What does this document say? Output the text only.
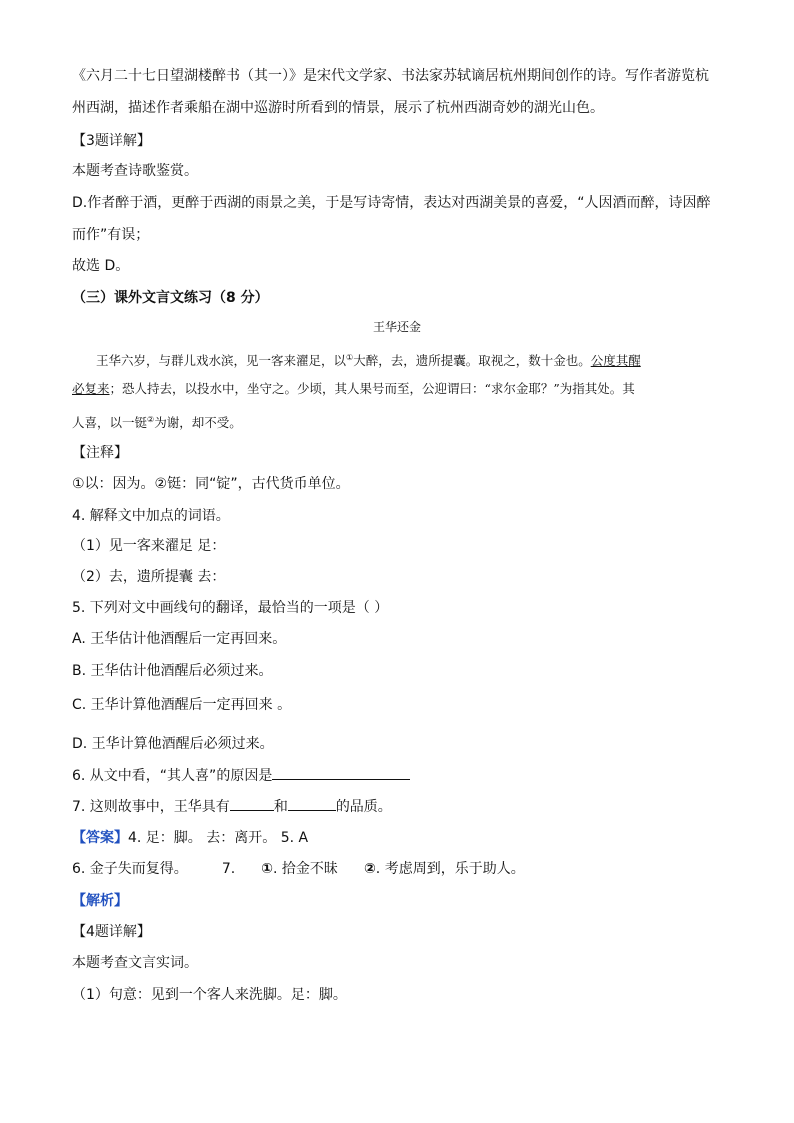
《六月二十七日望湖楼醉书（其一）》是宋代文学家、书法家苏轼谪居杭州期间创作的诗。写作者游览杭
州西湖，描述作者乘船在湖中巡游时所看到的情景，展示了杭州西湖奇妙的湖光山色。
【3题详解】
本题考查诗歌鉴赏。
D.作者醉于酒，更醉于西湖的雨景之美，于是写诗寄情，表达对西湖美景的喜爱，“人因酒而醉，诗因醉
而作”有误；
故选 D。
（三）课外文言文练习（8 分）
王华还金
王华六岁，与群儿戏水滨，见一客来濯足，以①大醉，去，遗所提囊。取视之，数十金也。公度其醒
必复来；恐人持去，以投水中，坐守之。少顷，其人果号而至，公迎谓曰：“求尔金耶？”为指其处。其
人喜，以一铤②为谢，却不受。
【注释】
①以：因为。②铤：同“锭”，古代货币单位。
4. 解释文中加点的词语。
（1）见一客来濯足 足：
（2）去，遗所提囊 去：
5. 下列对文中画线句的翻译，最恰当的一项是（ ）
A. 王华估计他酒醒后一定再回来。
B. 王华估计他酒醒后必须过来。
C. 王华计算他酒醒后一定再回来 。
D. 王华计算他酒醒后必须过来。
6. 从文中看，“其人喜”的原因是
7. 这则故事中，王华具有	和	的品质。
【答案】4. 足：脚。 去：离开。 5. A
6. 金子失而复得。 7. ①. 拾金不昧 ②. 考虑周到，乐于助人。
【解析】
【4题详解】
本题考查文言实词。
（1）句意：见到一个客人来洗脚。足：脚。
